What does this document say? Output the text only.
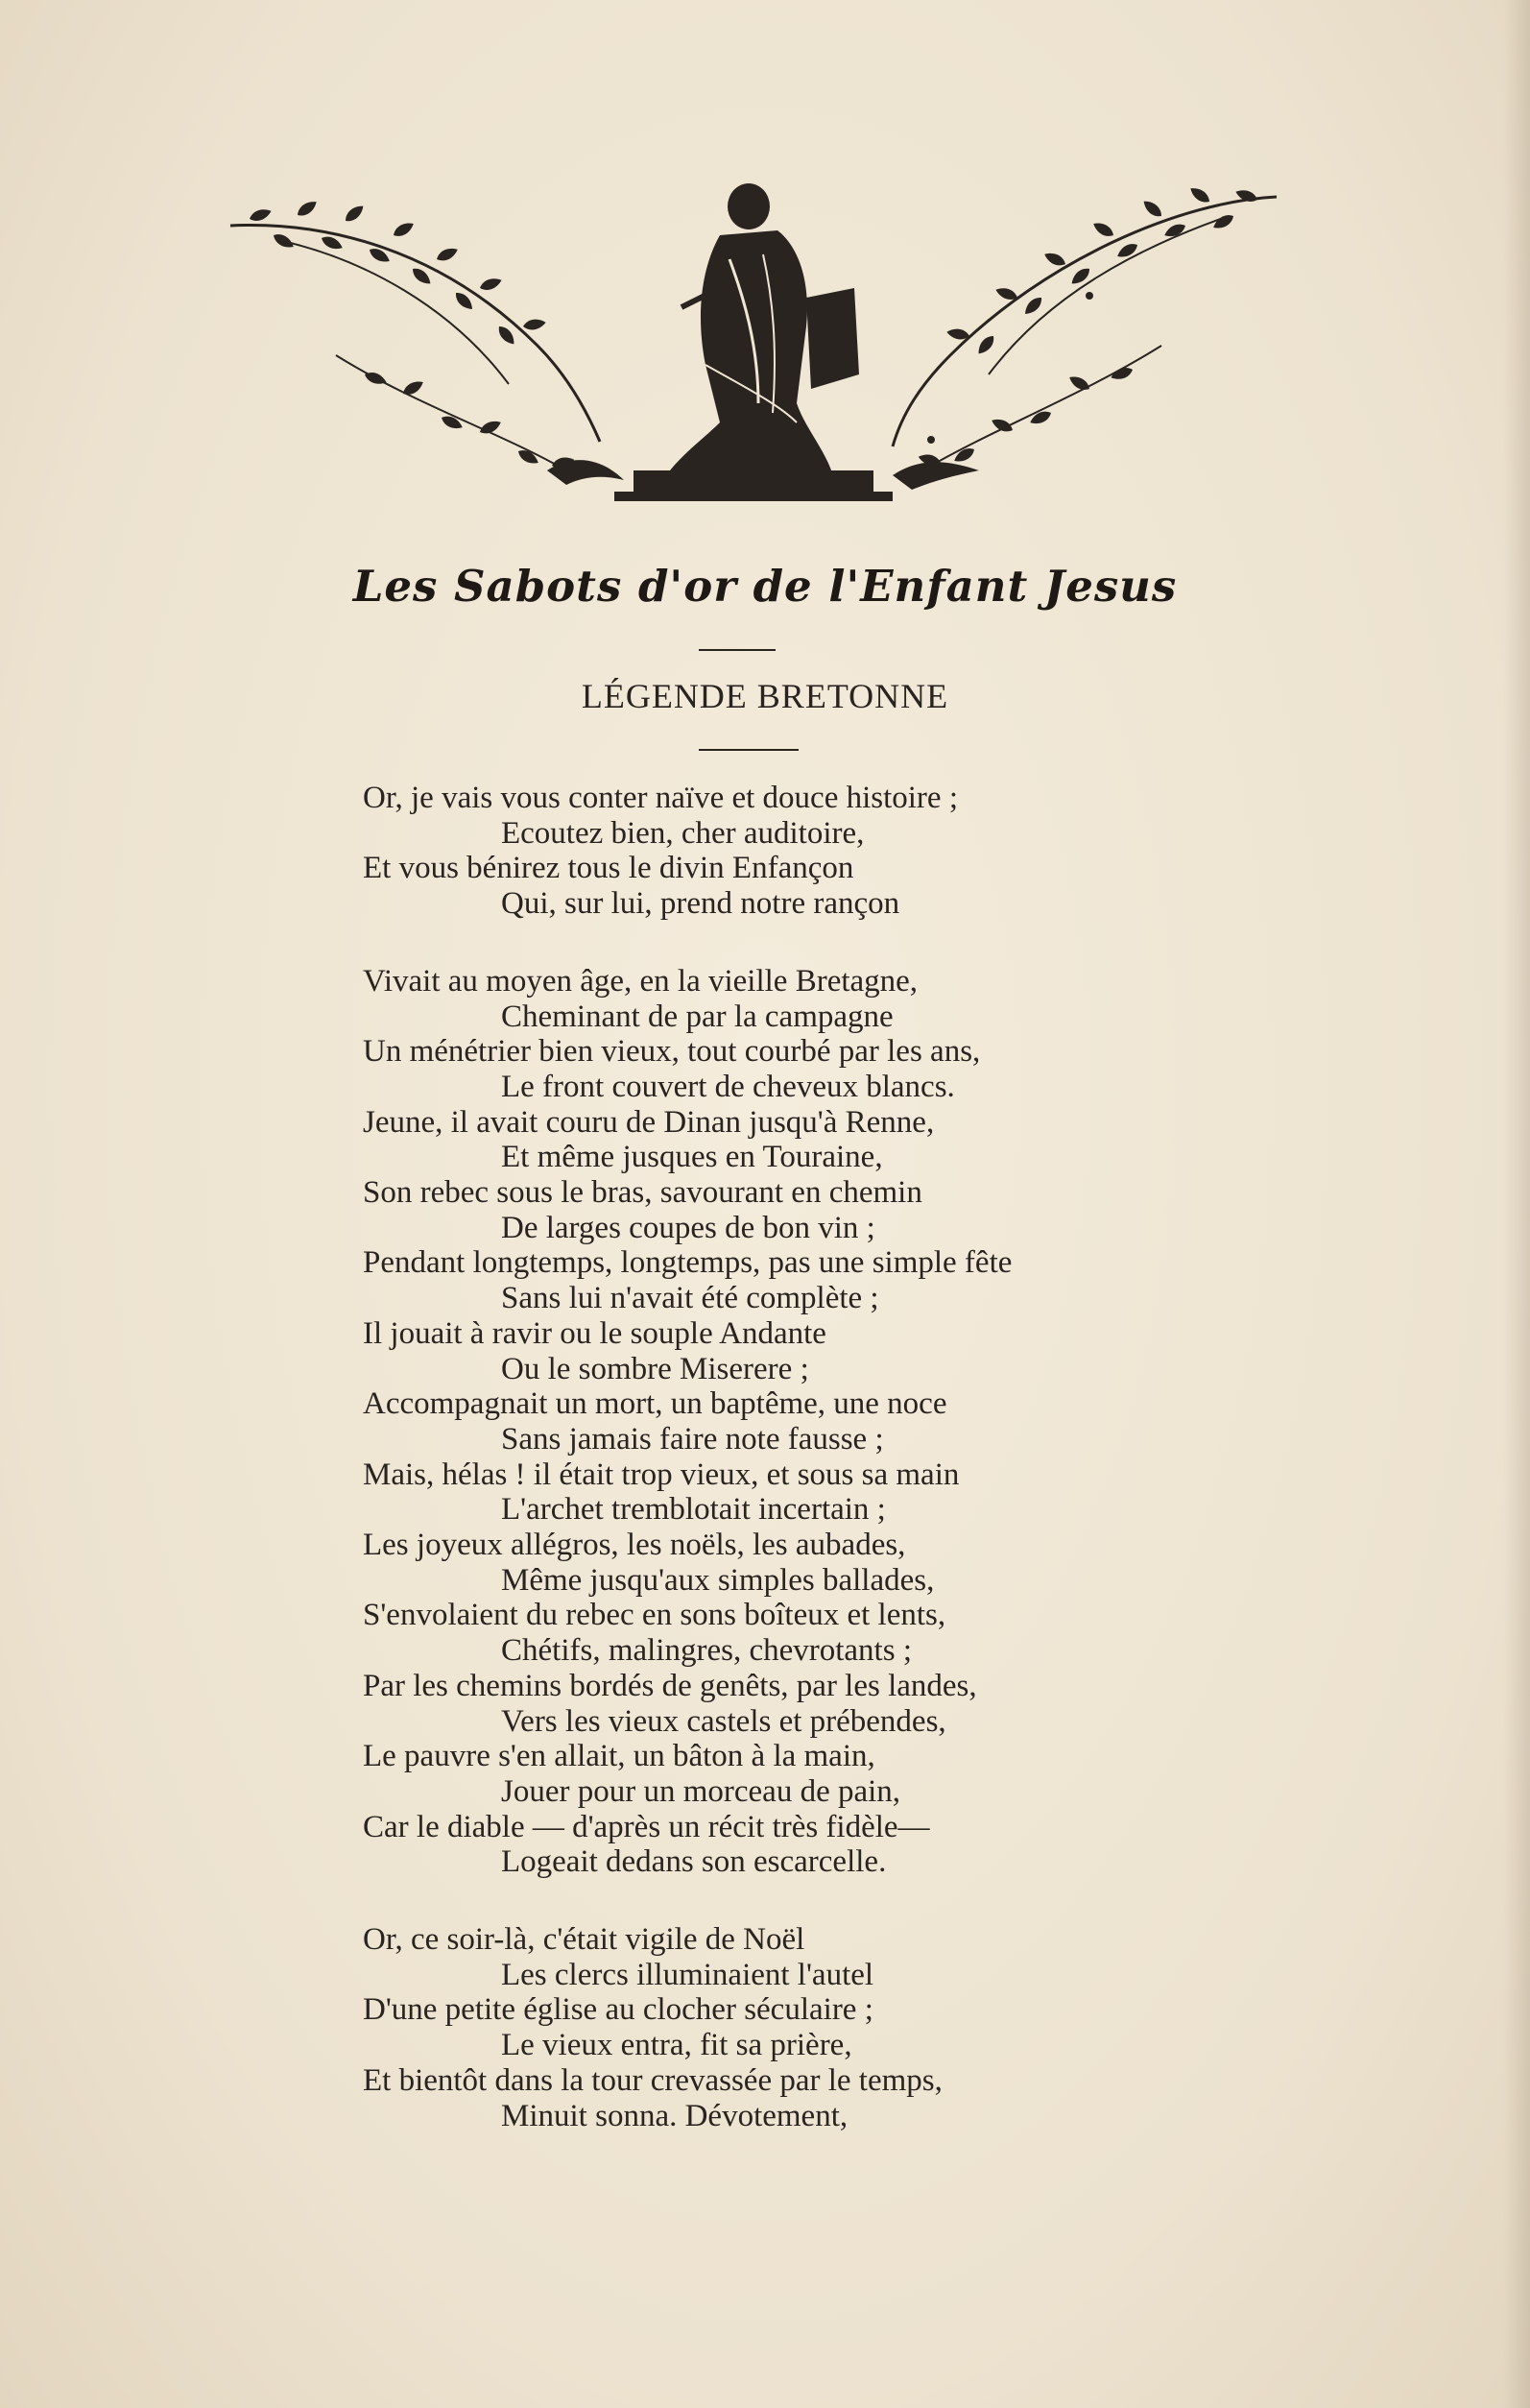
Les Sabots d'or de l'Enfant Jesus
LÉGENDE BRETONNE
Or, je vais vous conter naïve et douce histoire ;
Ecoutez bien, cher auditoire,
Et vous bénirez tous le divin Enfançon
Qui, sur lui, prend notre rançon
Vivait au moyen âge, en la vieille Bretagne,
Cheminant de par la campagne
Un ménétrier bien vieux, tout courbé par les ans,
Le front couvert de cheveux blancs.
Jeune, il avait couru de Dinan jusqu'à Renne,
Et même jusques en Touraine,
Son rebec sous le bras, savourant en chemin
De larges coupes de bon vin ;
Pendant longtemps, longtemps, pas une simple fête
Sans lui n'avait été complète ;
Il jouait à ravir ou le souple Andante
Ou le sombre Miserere ;
Accompagnait un mort, un baptême, une noce
Sans jamais faire note fausse ;
Mais, hélas ! il était trop vieux, et sous sa main
L'archet tremblotait incertain ;
Les joyeux allégros, les noëls, les aubades,
Même jusqu'aux simples ballades,
S'envolaient du rebec en sons boîteux et lents,
Chétifs, malingres, chevrotants ;
Par les chemins bordés de genêts, par les landes,
Vers les vieux castels et prébendes,
Le pauvre s'en allait, un bâton à la main,
Jouer pour un morceau de pain,
Car le diable — d'après un récit très fidèle—
Logeait dedans son escarcelle.
Or, ce soir-là, c'était vigile de Noël
Les clercs illuminaient l'autel
D'une petite église au clocher séculaire ;
Le vieux entra, fit sa prière,
Et bientôt dans la tour crevassée par le temps,
Minuit sonna. Dévotement,
